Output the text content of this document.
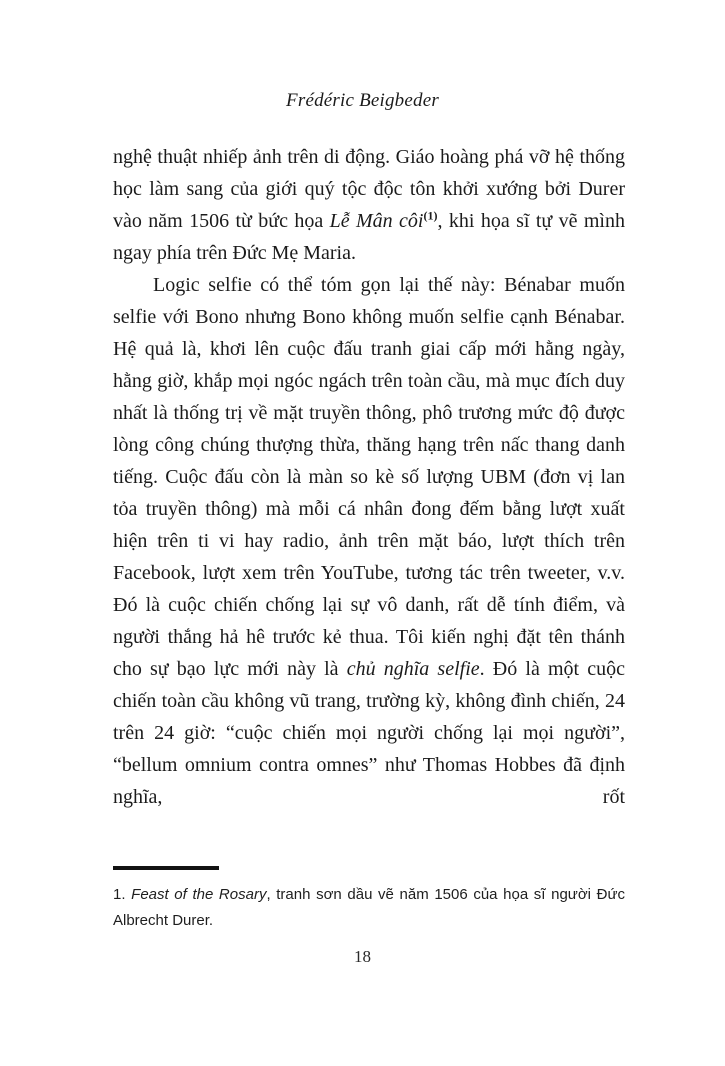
Frédéric Beigbeder

nghệ thuật nhiếp ảnh trên di động. Giáo hoàng phá vỡ hệ thống học làm sang của giới quý tộc độc tôn khởi xướng bởi Durer vào năm 1506 từ bức họa Lễ Mân côi$^{(1)}$, khi họa sĩ tự vẽ mình ngay phía trên Đức Mẹ Maria.

Logic selfie có thể tóm gọn lại thế này: Bénabar muốn selfie với Bono nhưng Bono không muốn selfie cạnh Bénabar. Hệ quả là, khơi lên cuộc đấu tranh giai cấp mới hằng ngày, hằng giờ, khắp mọi ngóc ngách trên toàn cầu, mà mục đích duy nhất là thống trị về mặt truyền thông, phô trương mức độ được lòng công chúng thượng thừa, thăng hạng trên nấc thang danh tiếng. Cuộc đấu còn là màn so kè số lượng UBM (đơn vị lan tỏa truyền thông) mà mỗi cá nhân đong đếm bằng lượt xuất hiện trên ti vi hay radio, ảnh trên mặt báo, lượt thích trên Facebook, lượt xem trên YouTube, tương tác trên tweeter, v.v. Đó là cuộc chiến chống lại sự vô danh, rất dễ tính điểm, và người thắng hả hê trước kẻ thua. Tôi kiến nghị đặt tên thánh cho sự bạo lực mới này là chủ nghĩa selfie. Đó là một cuộc chiến toàn cầu không vũ trang, trường kỳ, không đình chiến, 24 trên 24 giờ: “cuộc chiến mọi người chống lại mọi người”, “bellum omnium contra omnes” như Thomas Hobbes đã định nghĩa, rốt

1. Feast of the Rosary, tranh sơn dầu vẽ năm 1506 của họa sĩ người Đức Albrecht Durer.
18
